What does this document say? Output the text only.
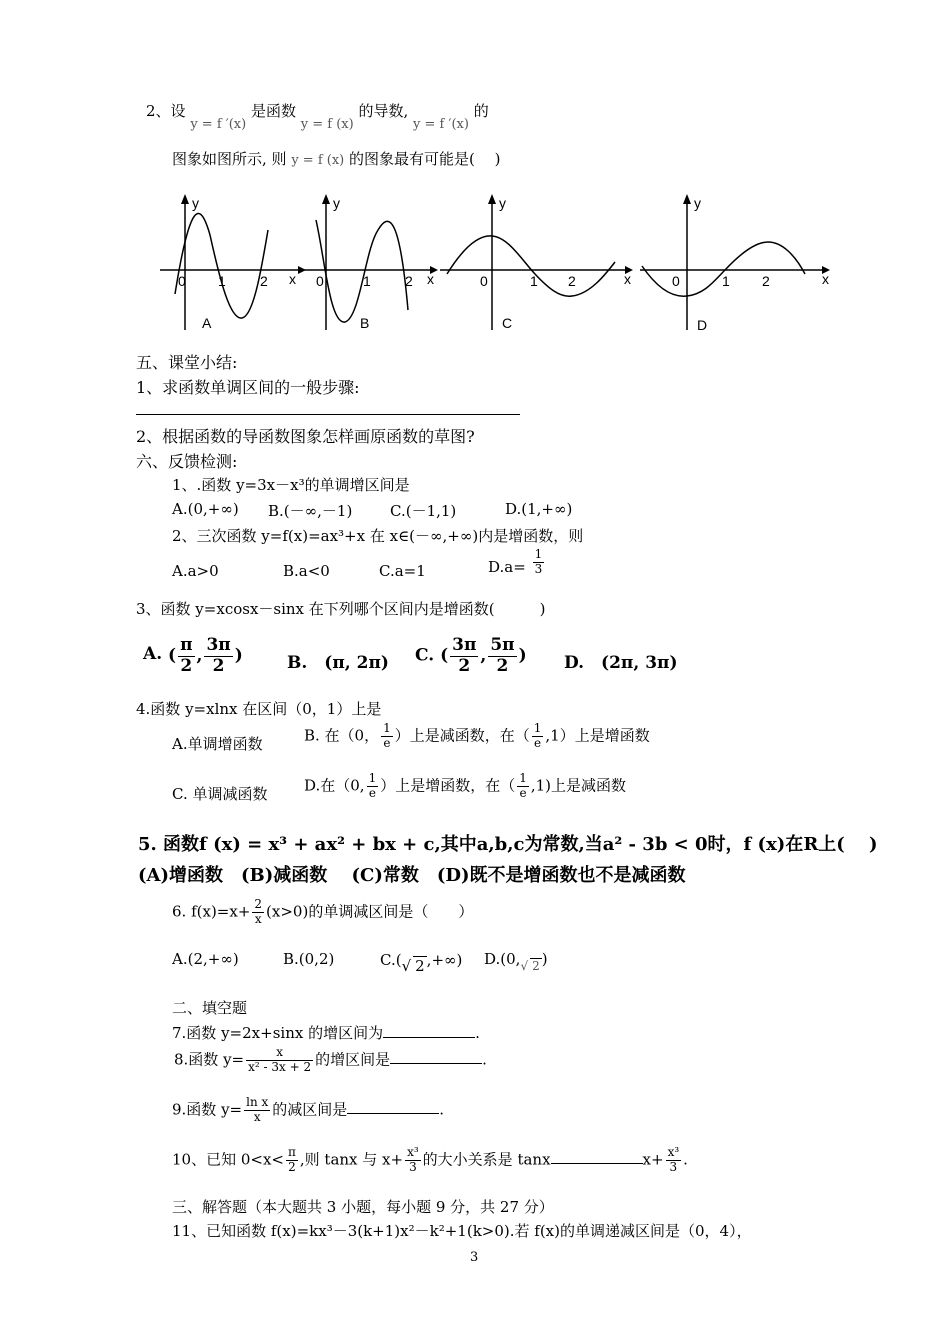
2、设 y = f ′(x) 是函数 y = f (x) 的导数, y = f ′(x) 的
图象如图所示, 则 y = f (x) 的图象最有可能是(　 )
0 1 2 x
y
A
0	1 2 x
y
B
0	1 2	x
y
C
0	1 2	x
y
D
五、课堂小结:
1、求函数单调区间的一般步骤:
2、根据函数的导函数图象怎样画原函数的草图?
六、反馈检测:
1、.函数 y=3x－x³的单调增区间是
A.(0,+∞) B.(－∞,－1)	C.(－1,1)	D.(1,+∞)
2、三次函数 y=f(x)=ax³+x 在 x∈(－∞,+∞)内是增函数，则
A.a>0	B.a<0	C.a=1	$D.a= \frac{1}{3}$
3、函数 y=xcosx－sinx 在下列哪个区间内是增函数(　　　)
A. ( $\frac{\pi}{2}$ , $\frac{3\pi}{2}$ )	B.　(π, 2π) C. ( $\frac{3\pi}{2}$ , $\frac{5\pi}{2}$ ) D.　(2π, 3π)
4.函数 y=xlnx 在区间（0，1）上是
A.单调增函数	B. 在（0， $\frac{1}{e}$ ）上是减函数，在（ $\frac{1}{e} ,1$）上是增函数
C. 单调减函数 D.在（0, $\frac{1}{e}$ ）上是增函数，在（ $\frac{1}{e} ,1$)上是减函数
5. 函数f (x) = x³ + ax² + bx + c,其中a,b,c为常数,当a² - 3b < 0时，f (x)在R上(　 )
(A)增函数　(B)减函数　 (C)常数　(D)既不是增函数也不是减函数
6. $f(x)=x+ \frac{2}{x} (x>0)$的单调减区间是（　　）
A.(2,+∞)	B.(0,2)	C.(√ 2 ,+∞) $D.(0,_{√ 2}$ )
二、填空题
7.函数 y=2x+sinx 的增区间为	.
8.函数 $y= \frac{x}{\text{x² - 3x + 2}}$ 的增区间是	.
9.函数 $y= \frac{\text{ln x}}{x}$ 的减区间是	.
10、已知 $0<x< \frac{\pi}{2}$ ,则 tanx 与 $x+ \frac{\text{x³}}{3}$ 的大小关系是 tanx	$x+ \frac{\text{x³}}{3}$ .
三、解答题（本大题共 3 小题，每小题 9 分，共 27 分）
11、已知函数 f(x)=kx³－3(k+1)x²－k²+1(k>0).若 f(x)的单调递减区间是（0，4），
3
